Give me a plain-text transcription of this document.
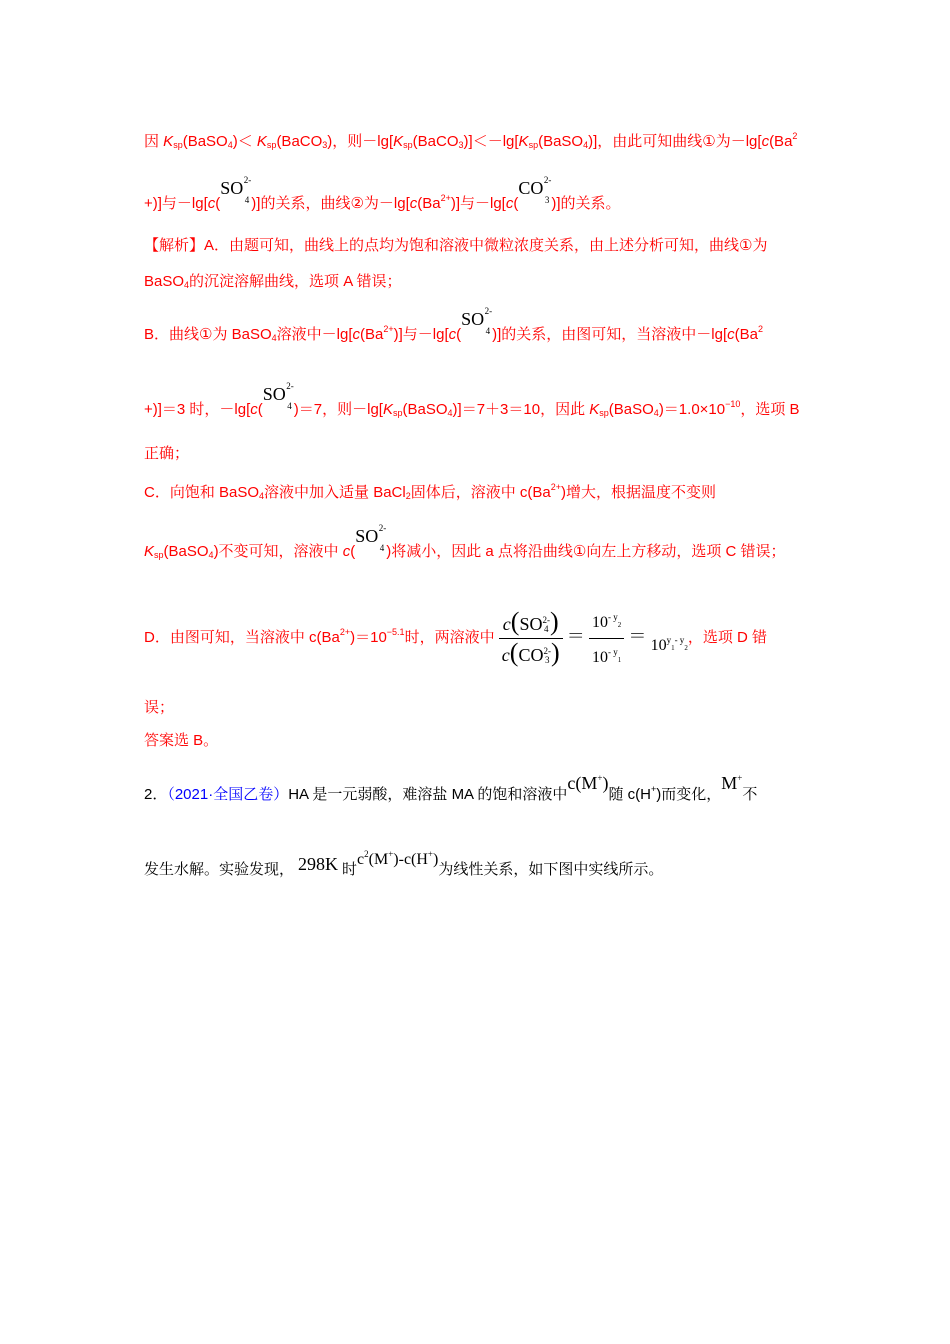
因 $K_{sp}(BaSO_4)<$ $K_{sp}(BaCO_3)$，则$-\lg[K_{sp}(BaCO_3)]<-\lg[K_{sp}(BaSO_4)]$，由此可知曲线①为$-\lg[c(Ba^2$
+)]与－lg[c(SO 2-
4 )]的关系，曲线②为$-\lg[c(Ba^{2+})]$与－lg[c(CO 2-
3 )]的关系。
【解析】A．由题可知，曲线上的点均为饱和溶液中微粒浓度关系，由上述分析可知，曲线①为
BaSO$_4$的沉淀溶解曲线，选项 A 错误；
B．曲线①为 BaSO$_4$溶液中$-\lg[c(Ba^{2+})]$与－lg[c(SO 2-
4 )]的关系，由图可知，当溶液中$-\lg[c(Ba^2$
+)]＝3 时，－lg[c(SO 2-
4 )＝7，则$-\lg[K_{sp}(BaSO_4)]=7+3=10$，因此 $K_{sp}(BaSO_4)=1.0\times 10^{-10}$，选项 B
正确；
C．向饱和 BaSO$_4$溶液中加入适量 BaCl$_2$固体后，溶液中 $c(Ba^{2+})$增大，根据温度不变则
$K_{sp}(BaSO_4)$不变可知，溶液中 c(SO 2-
4 )将减小，因此 a 点将沿曲线①向左上方移动，选项 C 错误；
D．由图可知，当溶液中 $c(Ba^{2+})=10^{-5.1}$时，两溶液中 c(SO 2-
4 )
c(CO 2-
3 ) ＝ $\frac{10^{- y}2}{10^{- y}1} = 10^y1^{- y}2$，选项 D 错
误；
答案选 B。
2．（2021·全国乙卷）HA 是一元弱酸，难溶盐 MA 的饱和溶液中c(M+)随 c(H+)而变化，M+不
发生水解。实验发现， 298K 时$c^2(M^+)-c(H^+)$为线性关系，如下图中实线所示。
